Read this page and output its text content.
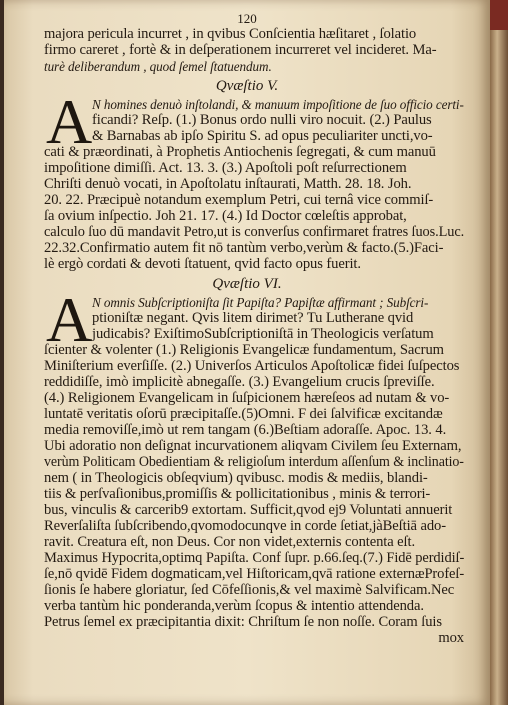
120
majora pericula incurret , in qvibus Conſcientia hæſitaret , ſolatio
firmo careret , fortè & in deſperationem incurreret vel incideret. Ma-
turè deliberandum , quod ſemel ſtatuendum.
Qvæſtio V.
A N homines denuò inſtolandi, & manuum impoſitione de ſuo officio certi-
ficandi? Reſp. (1.) Bonus ordo nulli viro nocuit. (2.) Paulus
& Barnabas ab ipſo Spiritu S. ad opus peculiariter uncti,vo-
cati & præordinati, à Prophetis Antiochenis ſegregati, & cum manuū
impoſitione dimiſſi. Act. 13. 3. (3.) Apoſtoli poſt reſurrectionem
Chriſti denuò vocati, in Apoſtolatu inſtaurati, Matth. 28. 18. Joh.
20. 22. Præcipuè notandum exemplum Petri, cui ternâ vice commiſ-
ſa ovium inſpectio. Joh 21. 17. (4.) Id Doctor cœleſtis approbat,
calculo ſuo dū mandavit Petro,ut is converſus confirmaret fratres ſuos.Luc.
22.32.Confirmatio autem fit nō tantùm verbo,verùm & facto.(5.)Faci-
lè ergò cordati & devoti ſtatuent, qvid facto opus fuerit.
Qvæſtio VI.
A N omnis Subſcriptioniſta ſit Papiſta? Papiſtæ affirmant ; Subſcri-
ptioniſtæ negant. Qvis litem dirimet? Tu Lutherane qvid
judicabis? ExiſtimoSubſcriptioniſtā in Theologicis verſatum
ſcienter & volenter (1.) Religionis Evangelicæ fundamentum, Sacrum
Miniſterium everſiſſe. (2.) Univerſos Articulos Apoſtolicæ fidei ſuſpectos
reddidiſſe, imò implicitè abnegaſſe. (3.) Evangelium crucis ſpreviſſe.
(4.) Religionem Evangelicam in ſuſpicionem hæreſeos ad nutam & vo-
luntatē veritatis oſorū præcipitaſſe.(5)Omni. F dei ſalvificæ excitandæ
media removiſſe,imò ut rem tangam (6.)Beſtiam adoraſſe. Apoc. 13. 4.
Ubi adoratio non deſignat incurvationem aliqvam Civilem ſeu Externam,
verùm Politicam Obedientiam & religioſum interdum aſſenſum & inclinatio-
nem ( in Theologicis obſeqvium) qvibusc. modis & mediis, blandi-
tiis & perſvaſionibus,promiſſis & pollicitationibus , minis & terrori-
bus, vinculis & carcerib9 extortam. Sufficit,qvod ej9 Voluntati annuerit
Reverſaliſta ſubſcribendo,qvomodocunqve in corde ſetiat,jàBeſtiā ado-
ravit. Creatura eſt, non Deus. Cor non videt,externis contenta eſt.
Maximus Hypocrita,optimq Papiſta. Conf ſupr. p.66.ſeq.(7.) Fidē perdidiſ-
ſe,nō qvidē Fidem dogmaticam,vel Hiſtoricam,qvā ratione externæProfeſ-
ſionis ſe habere gloriatur, ſed Cōfeſſionis,& vel maximè Salvificam.Nec
verba tantùm hic ponderanda,verùm ſcopus & intentio attendenda.
Petrus ſemel ex præcipitantia dixit: Chriſtum ſe non noſſe. Coram ſuis
mox
